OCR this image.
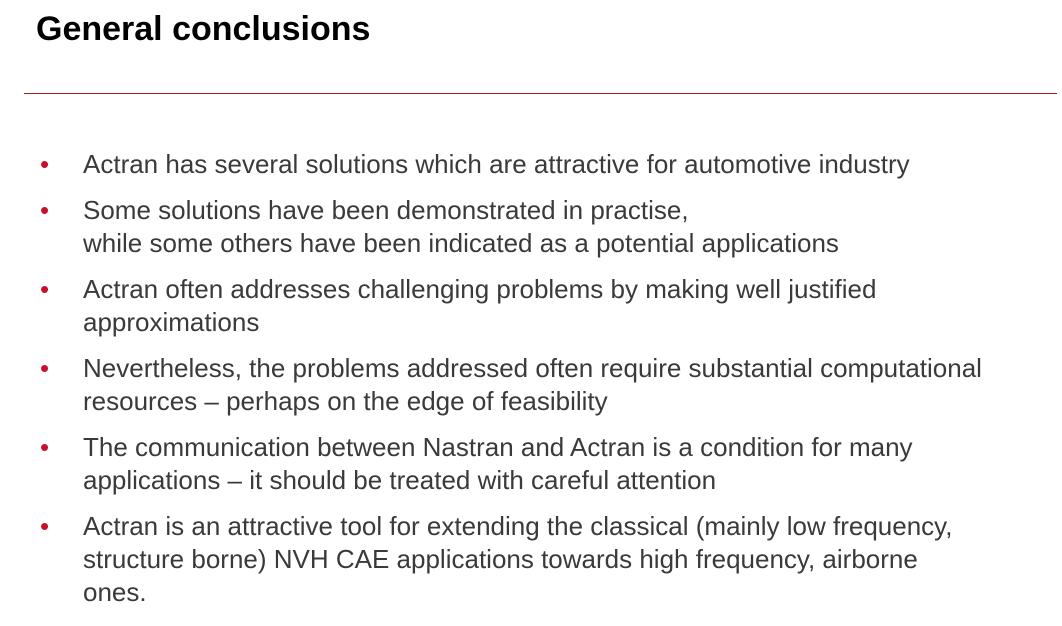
General conclusions
• Actran has several solutions which are attractive for automotive industry
• Some solutions have been demonstrated in practise,
while some others have been indicated as a potential applications
• Actran often addresses challenging problems by making well justified
approximations
• Nevertheless, the problems addressed often require substantial computational
resources – perhaps on the edge of feasibility
• The communication between Nastran and Actran is a condition for many
applications – it should be treated with careful attention
• Actran is an attractive tool for extending the classical (mainly low frequency,
structure borne) NVH CAE applications towards high frequency, airborne
ones.
